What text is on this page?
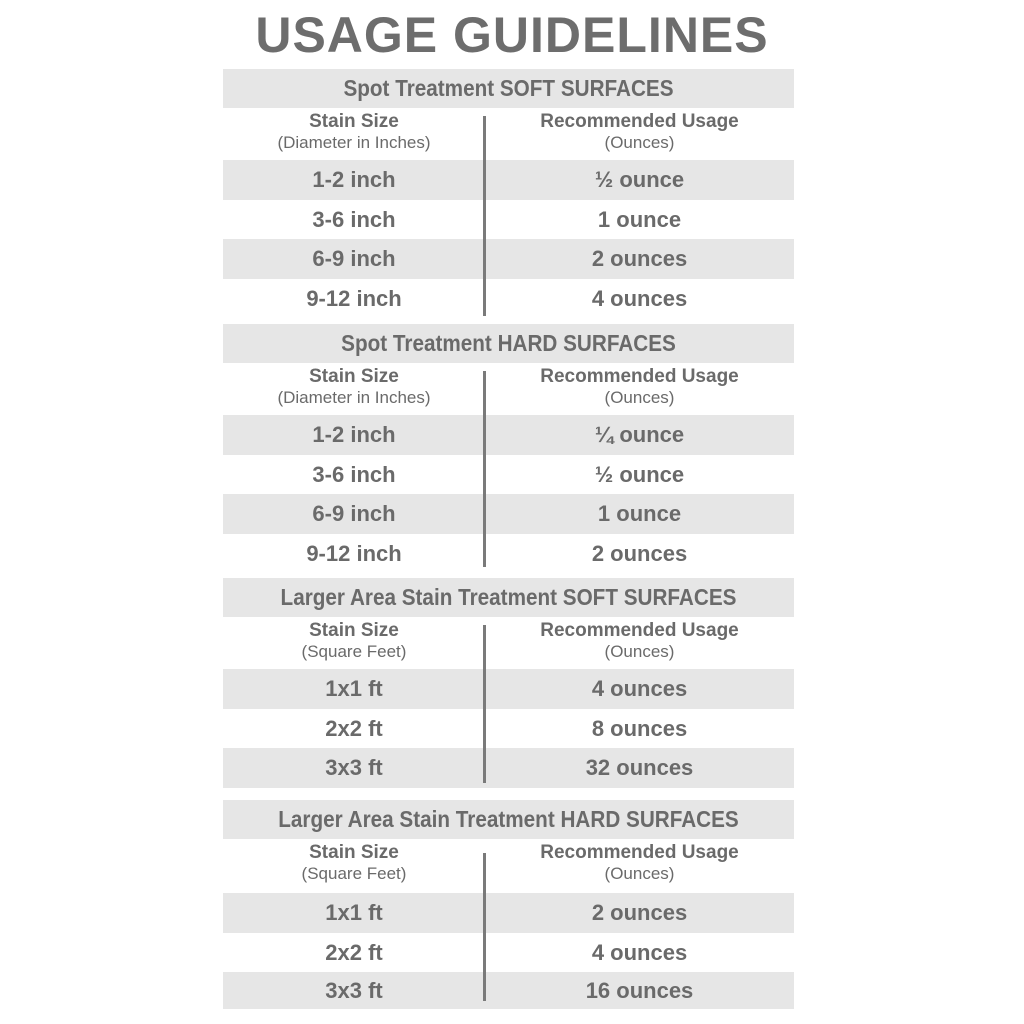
USAGE GUIDELINES
Spot Treatment SOFT SURFACES
Stain Size
(Diameter in Inches)
Recommended Usage
(Ounces)
1-2 inch	½ ounce
3-6 inch	1 ounce
6-9 inch	2 ounces
9-12 inch	4 ounces
Spot Treatment HARD SURFACES
Stain Size
(Diameter in Inches)
Recommended Usage
(Ounces)
1-2 inch	¼ ounce
3-6 inch	½ ounce
6-9 inch	1 ounce
9-12 inch	2 ounces
Larger Area Stain Treatment SOFT SURFACES
Stain Size
(Square Feet)
Recommended Usage
(Ounces)
1x1 ft	4 ounces
2x2 ft	8 ounces
3x3 ft	32 ounces
Larger Area Stain Treatment HARD SURFACES
Stain Size
(Square Feet)
Recommended Usage
(Ounces)
1x1 ft	2 ounces
2x2 ft	4 ounces
3x3 ft	16 ounces
